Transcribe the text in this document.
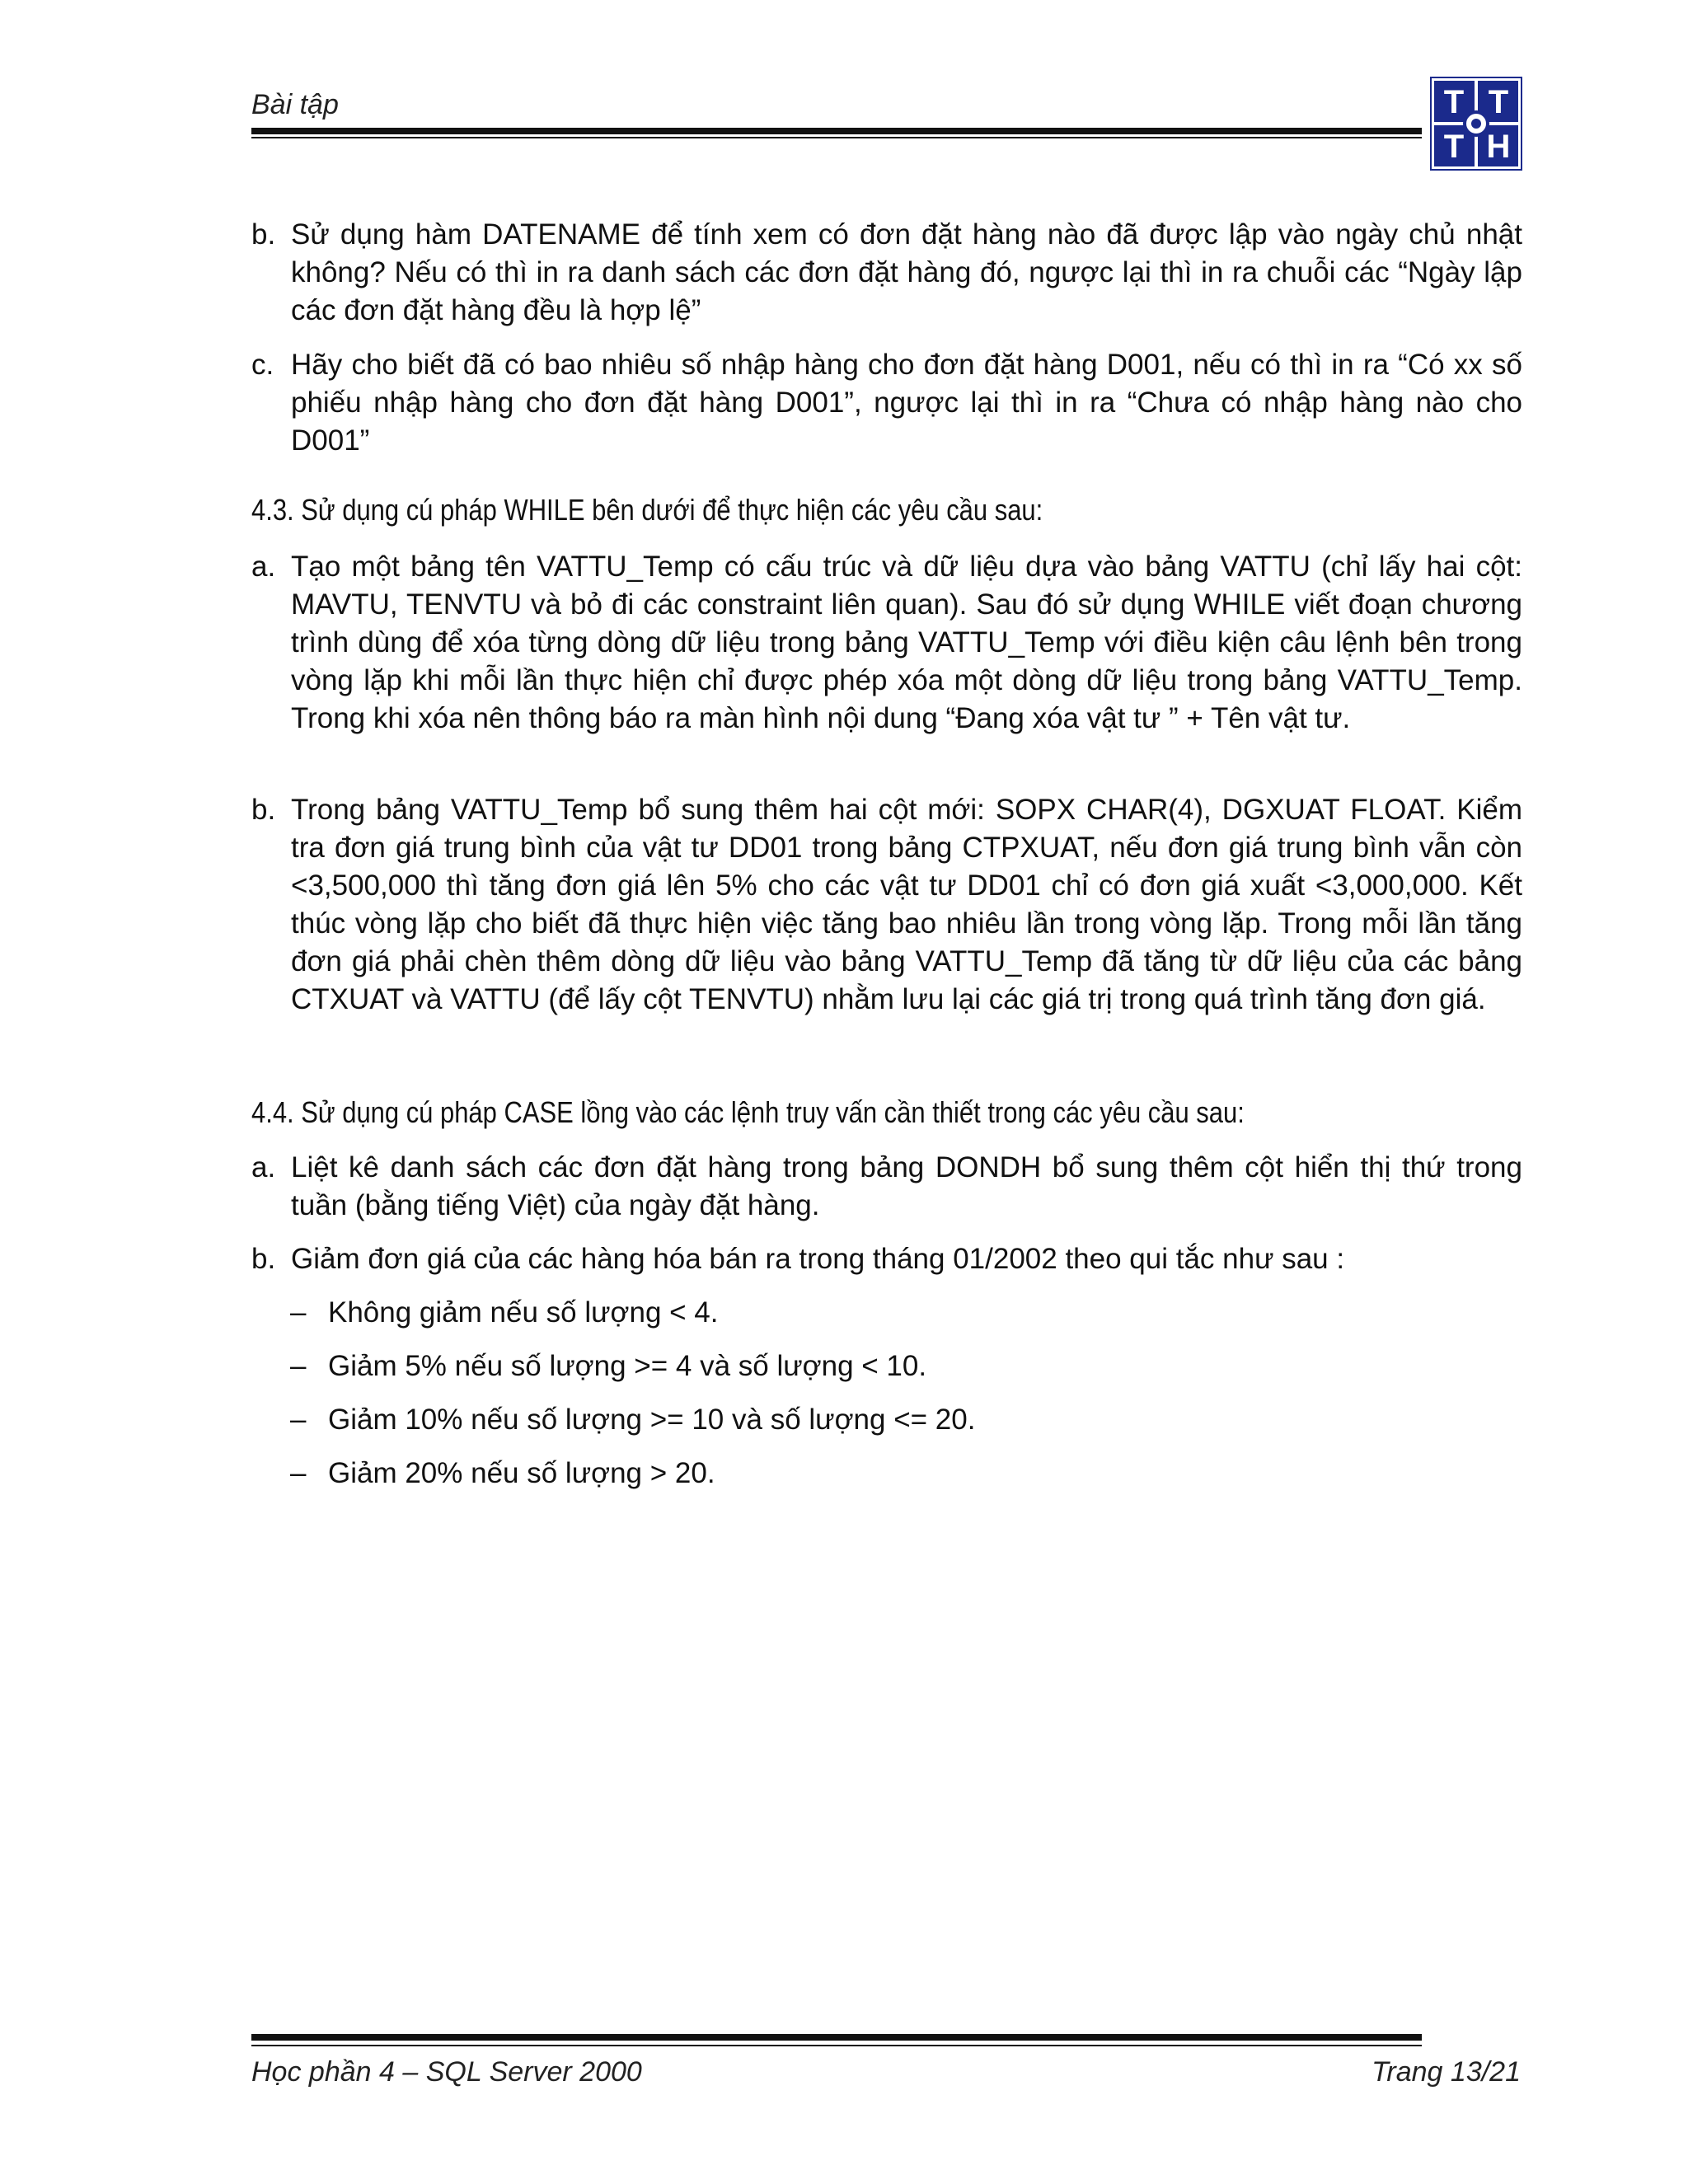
Bài tập	T T
T H
b. Sử dụng hàm DATENAME để tính xem có đơn đặt hàng nào đã được lập vào ngày chủ nhật không? Nếu có thì in ra danh sách các đơn đặt hàng đó, ngược lại thì in ra chuỗi các “Ngày lập các đơn đặt hàng đều là hợp lệ”
c. Hãy cho biết đã có bao nhiêu số nhập hàng cho đơn đặt hàng D001, nếu có thì in ra “Có xx số phiếu nhập hàng cho đơn đặt hàng D001”, ngược lại thì in ra “Chưa có nhập hàng nào cho D001”
4.3. Sử dụng cú pháp WHILE bên dưới để thực hiện các yêu cầu sau:
a. Tạo một bảng tên VATTU_Temp có cấu trúc và dữ liệu dựa vào bảng VATTU (chỉ lấy hai cột: MAVTU, TENVTU và bỏ đi các constraint liên quan). Sau đó sử dụng WHILE viết đoạn chương trình dùng để xóa từng dòng dữ liệu trong bảng VATTU_Temp với điều kiện câu lệnh bên trong vòng lặp khi mỗi lần thực hiện chỉ được phép xóa một dòng dữ liệu trong bảng VATTU_Temp. Trong khi xóa nên thông báo ra màn hình nội dung “Đang xóa vật tư ” + Tên vật tư.
b. Trong bảng VATTU_Temp bổ sung thêm hai cột mới: SOPX CHAR(4), DGXUAT FLOAT. Kiểm tra đơn giá trung bình của vật tư DD01 trong bảng CTPXUAT, nếu đơn giá trung bình vẫn còn <3,500,000 thì tăng đơn giá lên 5% cho các vật tư DD01 chỉ có đơn giá xuất <3,000,000. Kết thúc vòng lặp cho biết đã thực hiện việc tăng bao nhiêu lần trong vòng lặp. Trong mỗi lần tăng đơn giá phải chèn thêm dòng dữ liệu vào bảng VATTU_Temp đã tăng từ dữ liệu của các bảng CTXUAT và VATTU (để lấy cột TENVTU) nhằm lưu lại các giá trị trong quá trình tăng đơn giá.
4.4. Sử dụng cú pháp CASE lồng vào các lệnh truy vấn cần thiết trong các yêu cầu sau:
a. Liệt kê danh sách các đơn đặt hàng trong bảng DONDH bổ sung thêm cột hiển thị thứ trong tuần (bằng tiếng Việt) của ngày đặt hàng.
b. Giảm đơn giá của các hàng hóa bán ra trong tháng 01/2002 theo qui tắc như sau :
– Không giảm nếu số lượng < 4.
– Giảm 5% nếu số lượng >= 4 và số lượng < 10.
– Giảm 10% nếu số lượng >= 10 và số lượng <= 20.
– Giảm 20% nếu số lượng > 20.
Học phần 4 – SQL Server 2000	Trang 13/21
